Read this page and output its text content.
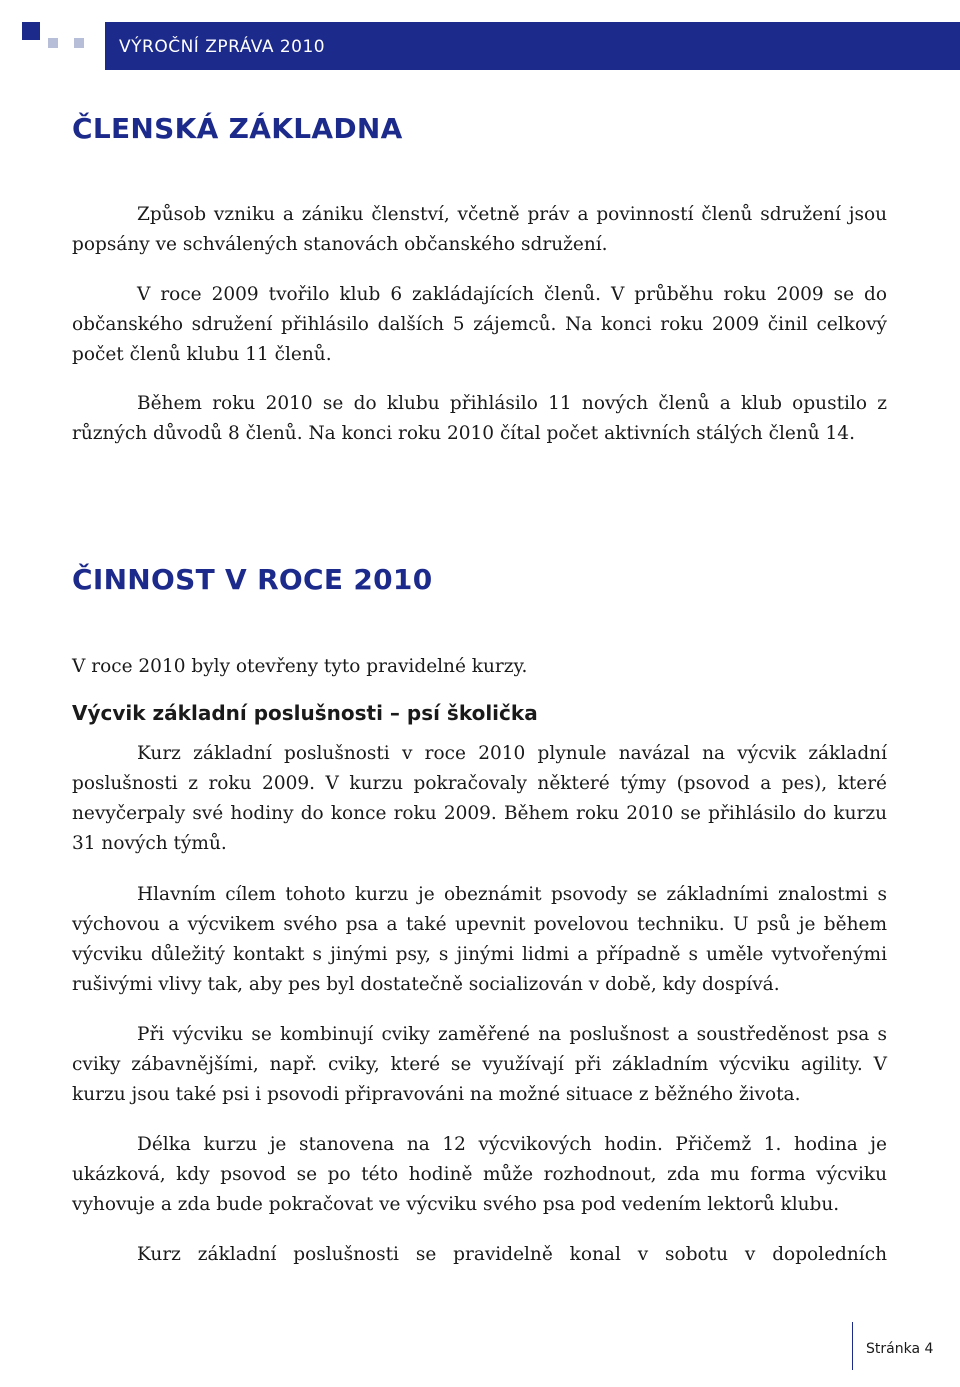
VÝROČNÍ ZPRÁVA 2010
ČLENSKÁ ZÁKLADNA

Způsob vzniku a zániku členství, včetně práv a povinností členů sdružení jsou popsány ve schválených stanovách občanského sdružení.

V roce 2009 tvořilo klub 6 zakládajících členů. V průběhu roku 2009 se do občanského sdružení přihlásilo dalších 5 zájemců. Na konci roku 2009 činil celkový počet členů klubu 11 členů.

Během roku 2010 se do klubu přihlásilo 11 nových členů a klub opustilo z různých důvodů 8 členů. Na konci roku 2010 čítal počet aktivních stálých členů 14.

ČINNOST V ROCE 2010

V roce 2010 byly otevřeny tyto pravidelné kurzy.

Výcvik základní poslušnosti – psí školička

Kurz základní poslušnosti v roce 2010 plynule navázal na výcvik základní poslušnosti z roku 2009. V kurzu pokračovaly některé týmy (psovod a pes), které nevyčerpaly své hodiny do konce roku 2009. Během roku 2010 se přihlásilo do kurzu 31 nových týmů.

Hlavním cílem tohoto kurzu je obeznámit psovody se základními znalostmi s výchovou a výcvikem svého psa a také upevnit povelovou techniku. U psů je během výcviku důležitý kontakt s jinými psy, s jinými lidmi a případně s uměle vytvořenými rušivými vlivy tak, aby pes byl dostatečně socializován v době, kdy dospívá.

Při výcviku se kombinují cviky zaměřené na poslušnost a soustředěnost psa s cviky zábavnějšími, např. cviky, které se využívají při základním výcviku agility. V kurzu jsou také psi i psovodi připravováni na možné situace z běžného života.

Délka kurzu je stanovena na 12 výcvikových hodin. Přičemž 1. hodina je ukázková, kdy psovod se po této hodině může rozhodnout, zda mu forma výcviku vyhovuje a zda bude pokračovat ve výcviku svého psa pod vedením lektorů klubu.

Kurz základní poslušnosti se pravidelně konal v sobotu v dopoledních

Stránka 4
